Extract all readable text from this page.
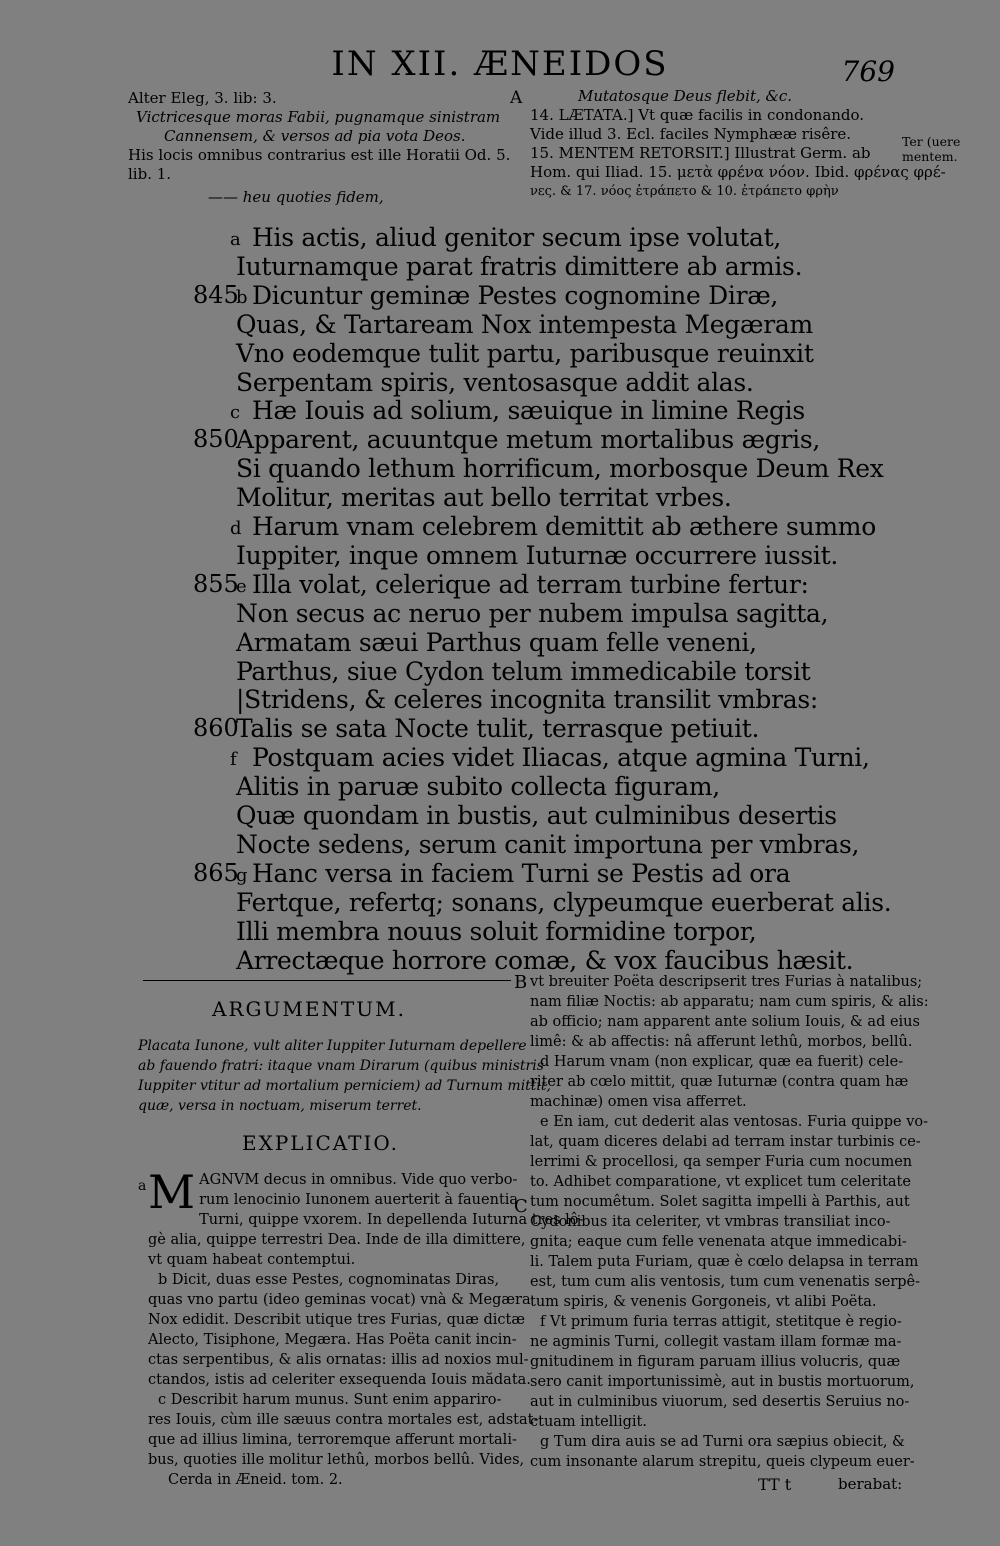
IN XII. ÆNEIDOS	769
Alter Eleg, 3. lib: 3.
Victricesque moras Fabii, pugnamque sinistram
Cannensem, & versos ad pia vota Deos.
His locis omnibus contrarius est ille Horatii Od. 5.
lib. 1.
—— heu quoties fidem,
A	Mutatosque Deus flebit, &c.
14. LÆTATA.] Vt quæ facilis in condonando.
Vide illud 3. Ecl. faciles Nymphææ risêre.
15. MENTEM RETORSIT.] Illustrat Germ. ab
Hom. qui Iliad. 15. μετὰ φρένα νόον. Ibid. φρένας φρέ-
νες. & 17. νόος ἐτράπετο & 10. ἐτράπετο φρὴν
Ter (uere
mentem.
a His actis, aliud genitor secum ipse volutat,
Iuturnamque parat fratris dimittere ab armis.
845
b Dicuntur geminæ Pestes cognomine Diræ,
Quas, & Tartaream Nox intempesta Megæram
Vno eodemque tulit partu, paribusque reuinxit
Serpentam spiris, ventosasque addit alas.
c Hæ Iouis ad solium, sæuique in limine Regis
850
Apparent, acuuntque metum mortalibus ægris,
Si quando lethum horrificum, morbosque Deum Rex
Molitur, meritas aut bello territat vrbes.
d Harum vnam celebrem demittit ab æthere summo
Iuppiter, inque omnem Iuturnæ occurrere iussit.
855
e Illa volat, celerique ad terram turbine fertur:
Non secus ac neruo per nubem impulsa sagitta,
Armatam sæui Parthus quam felle veneni,
Parthus, siue Cydon telum immedicabile torsit
|Stridens, & celeres incognita transilit vmbras:
860
Talis se sata Nocte tulit, terrasque petiuit.
f Postquam acies videt Iliacas, atque agmina Turni,
Alitis in paruæ subito collecta figuram,
Quæ quondam in bustis, aut culminibus desertis
Nocte sedens, serum canit importuna per vmbras,
865
g Hanc versa in faciem Turni se Pestis ad ora
Fertque, refertq; sonans, clypeumque euerberat alis.
Illi membra nouus soluit formidine torpor,
Arrectæque horrore comæ, & vox faucibus hæsit.
ARGUMENTUM.
Placata Iunone, vult aliter Iuppiter Iuturnam depellere
ab fauendo fratri: itaque vnam Dirarum (quibus ministris
Iuppiter vtitur ad mortalium perniciem) ad Turnum mittit,
quæ, versa in noctuam, miserum terret.
EXPLICATIO.
a M AGNVM decus in omnibus. Vide quo verbo-
rum lenocinio Iunonem auerterit à fauentia
Turni, quippe vxorem. In depellenda Iuturna tres lô-
gè alia, quippe terrestri Dea. Inde de illa dimittere,
vt quam habeat contemptui.
b Dicit, duas esse Pestes, cognominatas Diras,
quas vno partu (ideo geminas vocat) vnà & Megæra
Nox edidit. Describit utique tres Furias, quæ dictæ
Alecto, Tisiphone, Megæra. Has Poëta canit incin-
ctas serpentibus, & alis ornatas: illis ad noxios mul-
ctandos, istis ad celeriter exsequenda Iouis mădata.
c Describit harum munus. Sunt enim appariro-
res Iouis, cùm ille sæuus contra mortales est, adstat-
que ad illius limina, terroremque afferunt mortali-
bus, quoties ille molitur lethû, morbos bellû. Vides,
Cerda in Æneid. tom. 2.
B
C
vt breuiter Poëta descripserit tres Furias à natalibus;
nam filiæ Noctis: ab apparatu; nam cum spiris, & alis:
ab officio; nam apparent ante solium Iouis, & ad eius
limê: & ab affectis: nâ afferunt lethû, morbos, bellû.
d Harum vnam (non explicar, quæ ea fuerit) cele-
riter ab cœlo mittit, quæ Iuturnæ (contra quam hæ
machinæ) omen visa afferret.
e En iam, cut dederit alas ventosas. Furia quippe vo-
lat, quam diceres delabi ad terram instar turbinis ce-
lerrimi & procellosi, qa semper Furia cum nocumen
to. Adhibet comparatione, vt explicet tum celeritate
tum nocumêtum. Solet sagitta impelli à Parthis, aut
Cydonibus ita celeriter, vt vmbras transiliat inco-
gnita; eaque cum felle venenata atque immedicabi-
li. Talem puta Furiam, quæ è cœlo delapsa in terram
est, tum cum alis ventosis, tum cum venenatis serpê-
tum spiris, & venenis Gorgoneis, vt alibi Poëta.
f Vt primum furia terras attigit, stetitque è regio-
ne agminis Turni, collegit vastam illam formæ ma-
gnitudinem in figuram paruam illius volucris, quæ
sero canit importunissimè, aut in bustis mortuorum,
aut in culminibus viuorum, sed desertis Seruius no-
ctuam intelligit.
g Tum dira auis se ad Turni ora sæpius obiecit, &
cum insonante alarum strepitu, queis clypeum euer-
TT t	berabat:
